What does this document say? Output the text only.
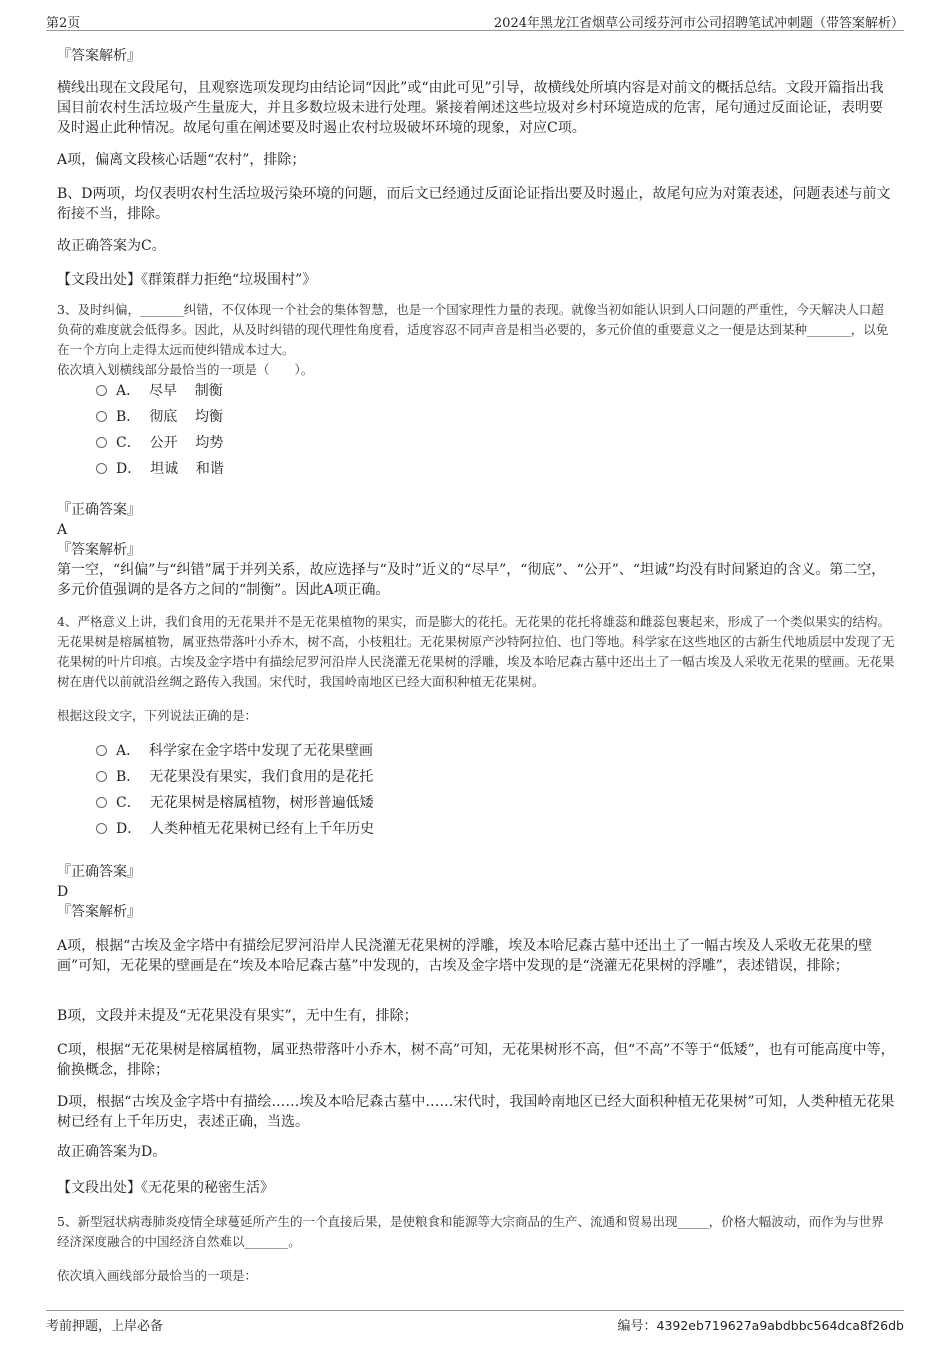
第2页	2024年黑龙江省烟草公司绥芬河市公司招聘笔试冲刺题（带答案解析）
『答案解析』
横线出现在文段尾句，且观察选项发现均由结论词“因此”或“由此可见”引导，故横线处所填内容是对前文的概括总结。文段开篇指出我国目前农村生活垃圾产生量庞大，并且多数垃圾未进行处理。紧接着阐述这些垃圾对乡村环境造成的危害，尾句通过反面论证，表明要及时遏止此种情况。故尾句重在阐述要及时遏止农村垃圾破坏环境的现象，对应C项。
A项，偏离文段核心话题“农村”，排除；
B、D两项，均仅表明农村生活垃圾污染环境的问题，而后文已经通过反面论证指出要及时遏止，故尾句应为对策表述，问题表述与前文衔接不当，排除。
故正确答案为C。
【文段出处】《群策群力拒绝“垃圾围村”》
3、及时纠偏，_______纠错，不仅体现一个社会的集体智慧，也是一个国家理性力量的表现。就像当初如能认识到人口问题的严重性，今天解决人口超负荷的难度就会低得多。因此，从及时纠错的现代理性角度看，适度容忍不同声音是相当必要的，多元价值的重要意义之一便是达到某种_______，以免在一个方向上走得太远而使纠错成本过大。
依次填入划横线部分最恰当的一项是（　　）。
A．  尽早    制衡
B．  彻底    均衡
C．  公开    均势
D．  坦诚    和谐
『正确答案』
A
『答案解析』
第一空，“纠偏”与“纠错”属于并列关系，故应选择与“及时”近义的“尽早”，“彻底”、“公开”、“坦诚”均没有时间紧迫的含义。第二空，多元价值强调的是各方之间的“制衡”。因此A项正确。
4、严格意义上讲，我们食用的无花果并不是无花果植物的果实，而是膨大的花托。无花果的花托将雄蕊和雌蕊包裹起来，形成了一个类似果实的结构。无花果树是榕属植物，属亚热带落叶小乔木，树不高，小枝粗壮。无花果树原产沙特阿拉伯、也门等地。科学家在这些地区的古新生代地质层中发现了无花果树的叶片印痕。古埃及金字塔中有描绘尼罗河沿岸人民浇灌无花果树的浮雕，埃及本哈尼森古墓中还出土了一幅古埃及人采收无花果的壁画。无花果树在唐代以前就沿丝绸之路传入我国。宋代时，我国岭南地区已经大面积种植无花果树。
根据这段文字，下列说法正确的是：
A．  科学家在金字塔中发现了无花果壁画
B．  无花果没有果实，我们食用的是花托
C．  无花果树是榕属植物，树形普遍低矮
D．  人类种植无花果树已经有上千年历史
『正确答案』
D
『答案解析』
A项，根据“古埃及金字塔中有描绘尼罗河沿岸人民浇灌无花果树的浮雕，埃及本哈尼森古墓中还出土了一幅古埃及人采收无花果的壁画”可知，无花果的壁画是在“埃及本哈尼森古墓”中发现的，古埃及金字塔中发现的是“浇灌无花果树的浮雕”，表述错误，排除；
B项，文段并未提及“无花果没有果实”，无中生有，排除；
C项，根据“无花果树是榕属植物，属亚热带落叶小乔木，树不高”可知，无花果树形不高，但“不高”不等于“低矮”，也有可能高度中等，偷换概念，排除；
D项，根据“古埃及金字塔中有描绘……埃及本哈尼森古墓中……宋代时，我国岭南地区已经大面积种植无花果树”可知，人类种植无花果树已经有上千年历史，表述正确，当选。
故正确答案为D。
【文段出处】《无花果的秘密生活》
5、新型冠状病毒肺炎疫情全球蔓延所产生的一个直接后果，是使粮食和能源等大宗商品的生产、流通和贸易出现_____，价格大幅波动，而作为与世界经济深度融合的中国经济自然难以_______。
依次填入画线部分最恰当的一项是：
考前押题，上岸必备	编号：4392eb719627a9abdbbc564dca8f26db
